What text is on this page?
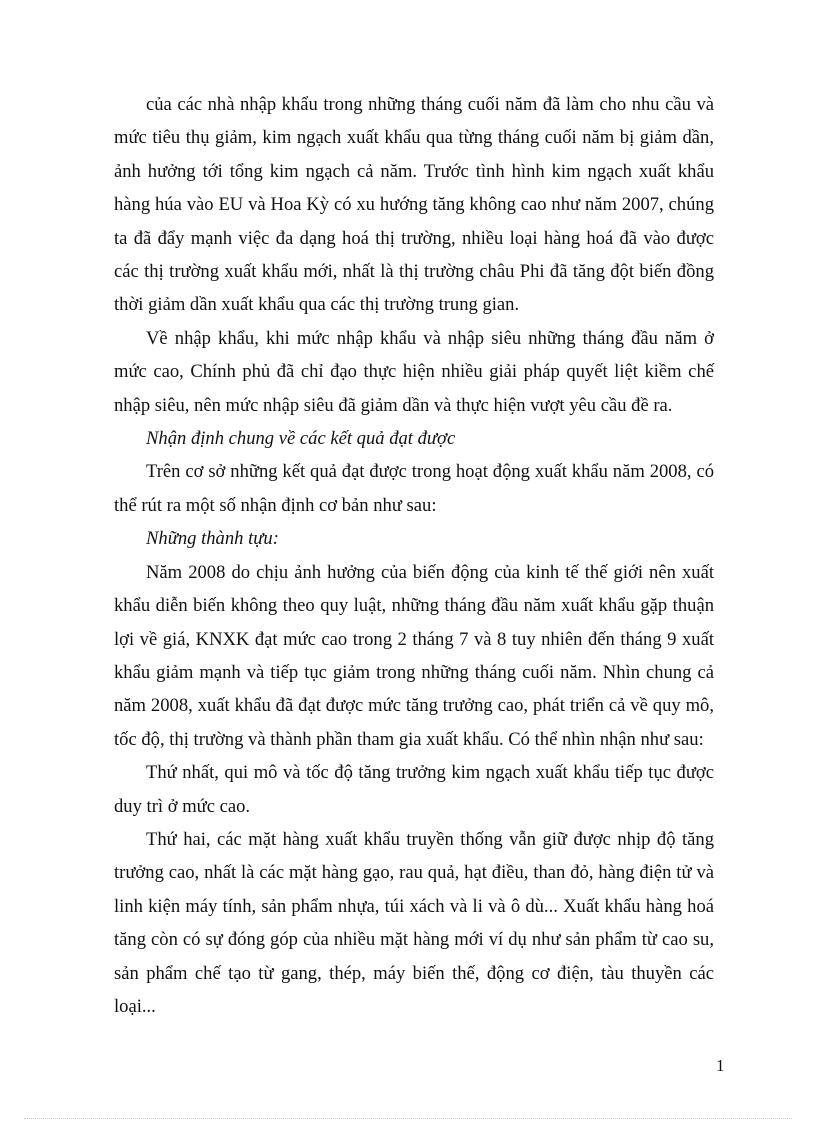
của các nhà nhập khẩu trong những tháng cuối năm đã làm cho nhu cầu và mức tiêu thụ giảm, kim ngạch xuất khẩu qua từng tháng cuối năm bị giảm dần, ảnh hưởng tới tổng kim ngạch cả năm. Trước tình hình kim ngạch xuất khẩu hàng húa vào EU và Hoa Kỳ có xu hướng tăng không cao như năm 2007, chúng ta đã đẩy mạnh việc đa dạng hoá thị trường, nhiều loại hàng hoá đã vào được các thị trường xuất khẩu mới, nhất là thị trường châu Phi đã tăng đột biến đồng thời giảm dần xuất khẩu qua các thị trường trung gian.

Về nhập khẩu, khi mức nhập khẩu và nhập siêu những tháng đầu năm ở mức cao, Chính phủ đã chỉ đạo thực hiện nhiều giải pháp quyết liệt kiềm chế nhập siêu, nên mức nhập siêu đã giảm dần và thực hiện vượt yêu cầu đề ra.

Nhận định chung về các kết quả đạt được

Trên cơ sở những kết quả đạt được trong hoạt động xuất khẩu năm 2008, có thể rút ra một số nhận định cơ bản như sau:

Những thành tựu:

Năm 2008 do chịu ảnh hưởng của biến động của kinh tế thế giới nên xuất khẩu diễn biến không theo quy luật, những tháng đầu năm xuất khẩu gặp thuận lợi về giá, KNXK đạt mức cao trong 2 tháng 7 và 8 tuy nhiên đến tháng 9 xuất khẩu giảm mạnh và tiếp tục giảm trong những tháng cuối năm. Nhìn chung cả năm 2008, xuất khẩu đã đạt được mức tăng trưởng cao, phát triển cả về quy mô, tốc độ, thị trường và thành phần tham gia xuất khẩu. Có thể nhìn nhận như sau:

Thứ nhất, qui mô và tốc độ tăng trưởng kim ngạch xuất khẩu tiếp tục được duy trì ở mức cao.

Thứ hai, các mặt hàng xuất khẩu truyền thống vẫn giữ được nhịp độ tăng trưởng cao, nhất là các mặt hàng gạo, rau quả, hạt điều, than đỏ, hàng điện tử và linh kiện máy tính, sản phẩm nhựa, túi xách và li và ô dù... Xuất khẩu hàng hoá tăng còn có sự đóng góp của nhiều mặt hàng mới ví dụ như sản phẩm từ cao su, sản phẩm chế tạo từ gang, thép, máy biến thế, động cơ điện, tàu thuyền các loại...

1
